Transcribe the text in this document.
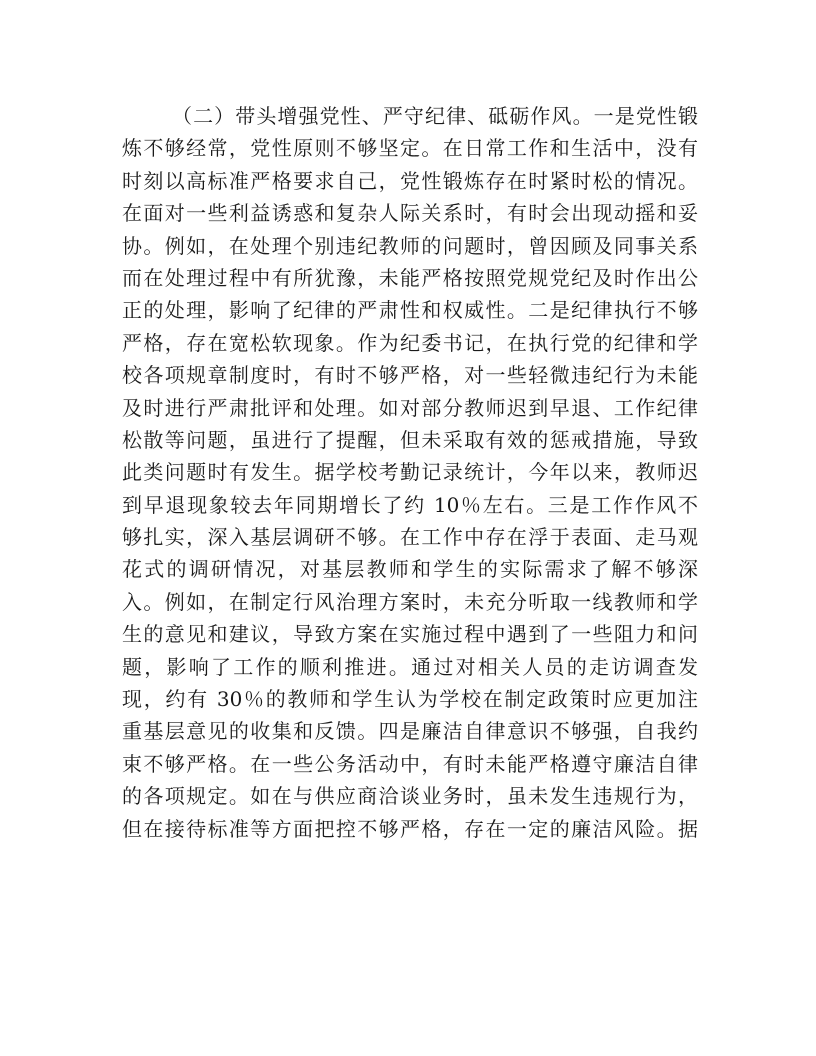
（二）带头增强党性、严守纪律、砥砺作风。一是党性锻
炼不够经常，党性原则不够坚定。在日常工作和生活中，没有
时刻以高标准严格要求自己，党性锻炼存在时紧时松的情况。
在面对一些利益诱惑和复杂人际关系时，有时会出现动摇和妥
协。例如，在处理个别违纪教师的问题时，曾因顾及同事关系
而在处理过程中有所犹豫，未能严格按照党规党纪及时作出公
正的处理，影响了纪律的严肃性和权威性。二是纪律执行不够
严格，存在宽松软现象。作为纪委书记，在执行党的纪律和学
校各项规章制度时，有时不够严格，对一些轻微违纪行为未能
及时进行严肃批评和处理。如对部分教师迟到早退、工作纪律
松散等问题，虽进行了提醒，但未采取有效的惩戒措施，导致
此类问题时有发生。据学校考勤记录统计，今年以来，教师迟
到早退现象较去年同期增长了约 10％左右。三是工作作风不
够扎实，深入基层调研不够。在工作中存在浮于表面、走马观
花式的调研情况，对基层教师和学生的实际需求了解不够深
入。例如，在制定行风治理方案时，未充分听取一线教师和学
生的意见和建议，导致方案在实施过程中遇到了一些阻力和问
题，影响了工作的顺利推进。通过对相关人员的走访调查发
现，约有 30％的教师和学生认为学校在制定政策时应更加注
重基层意见的收集和反馈。四是廉洁自律意识不够强，自我约
束不够严格。在一些公务活动中，有时未能严格遵守廉洁自律
的各项规定。如在与供应商洽谈业务时，虽未发生违规行为，
但在接待标准等方面把控不够严格，存在一定的廉洁风险。据
